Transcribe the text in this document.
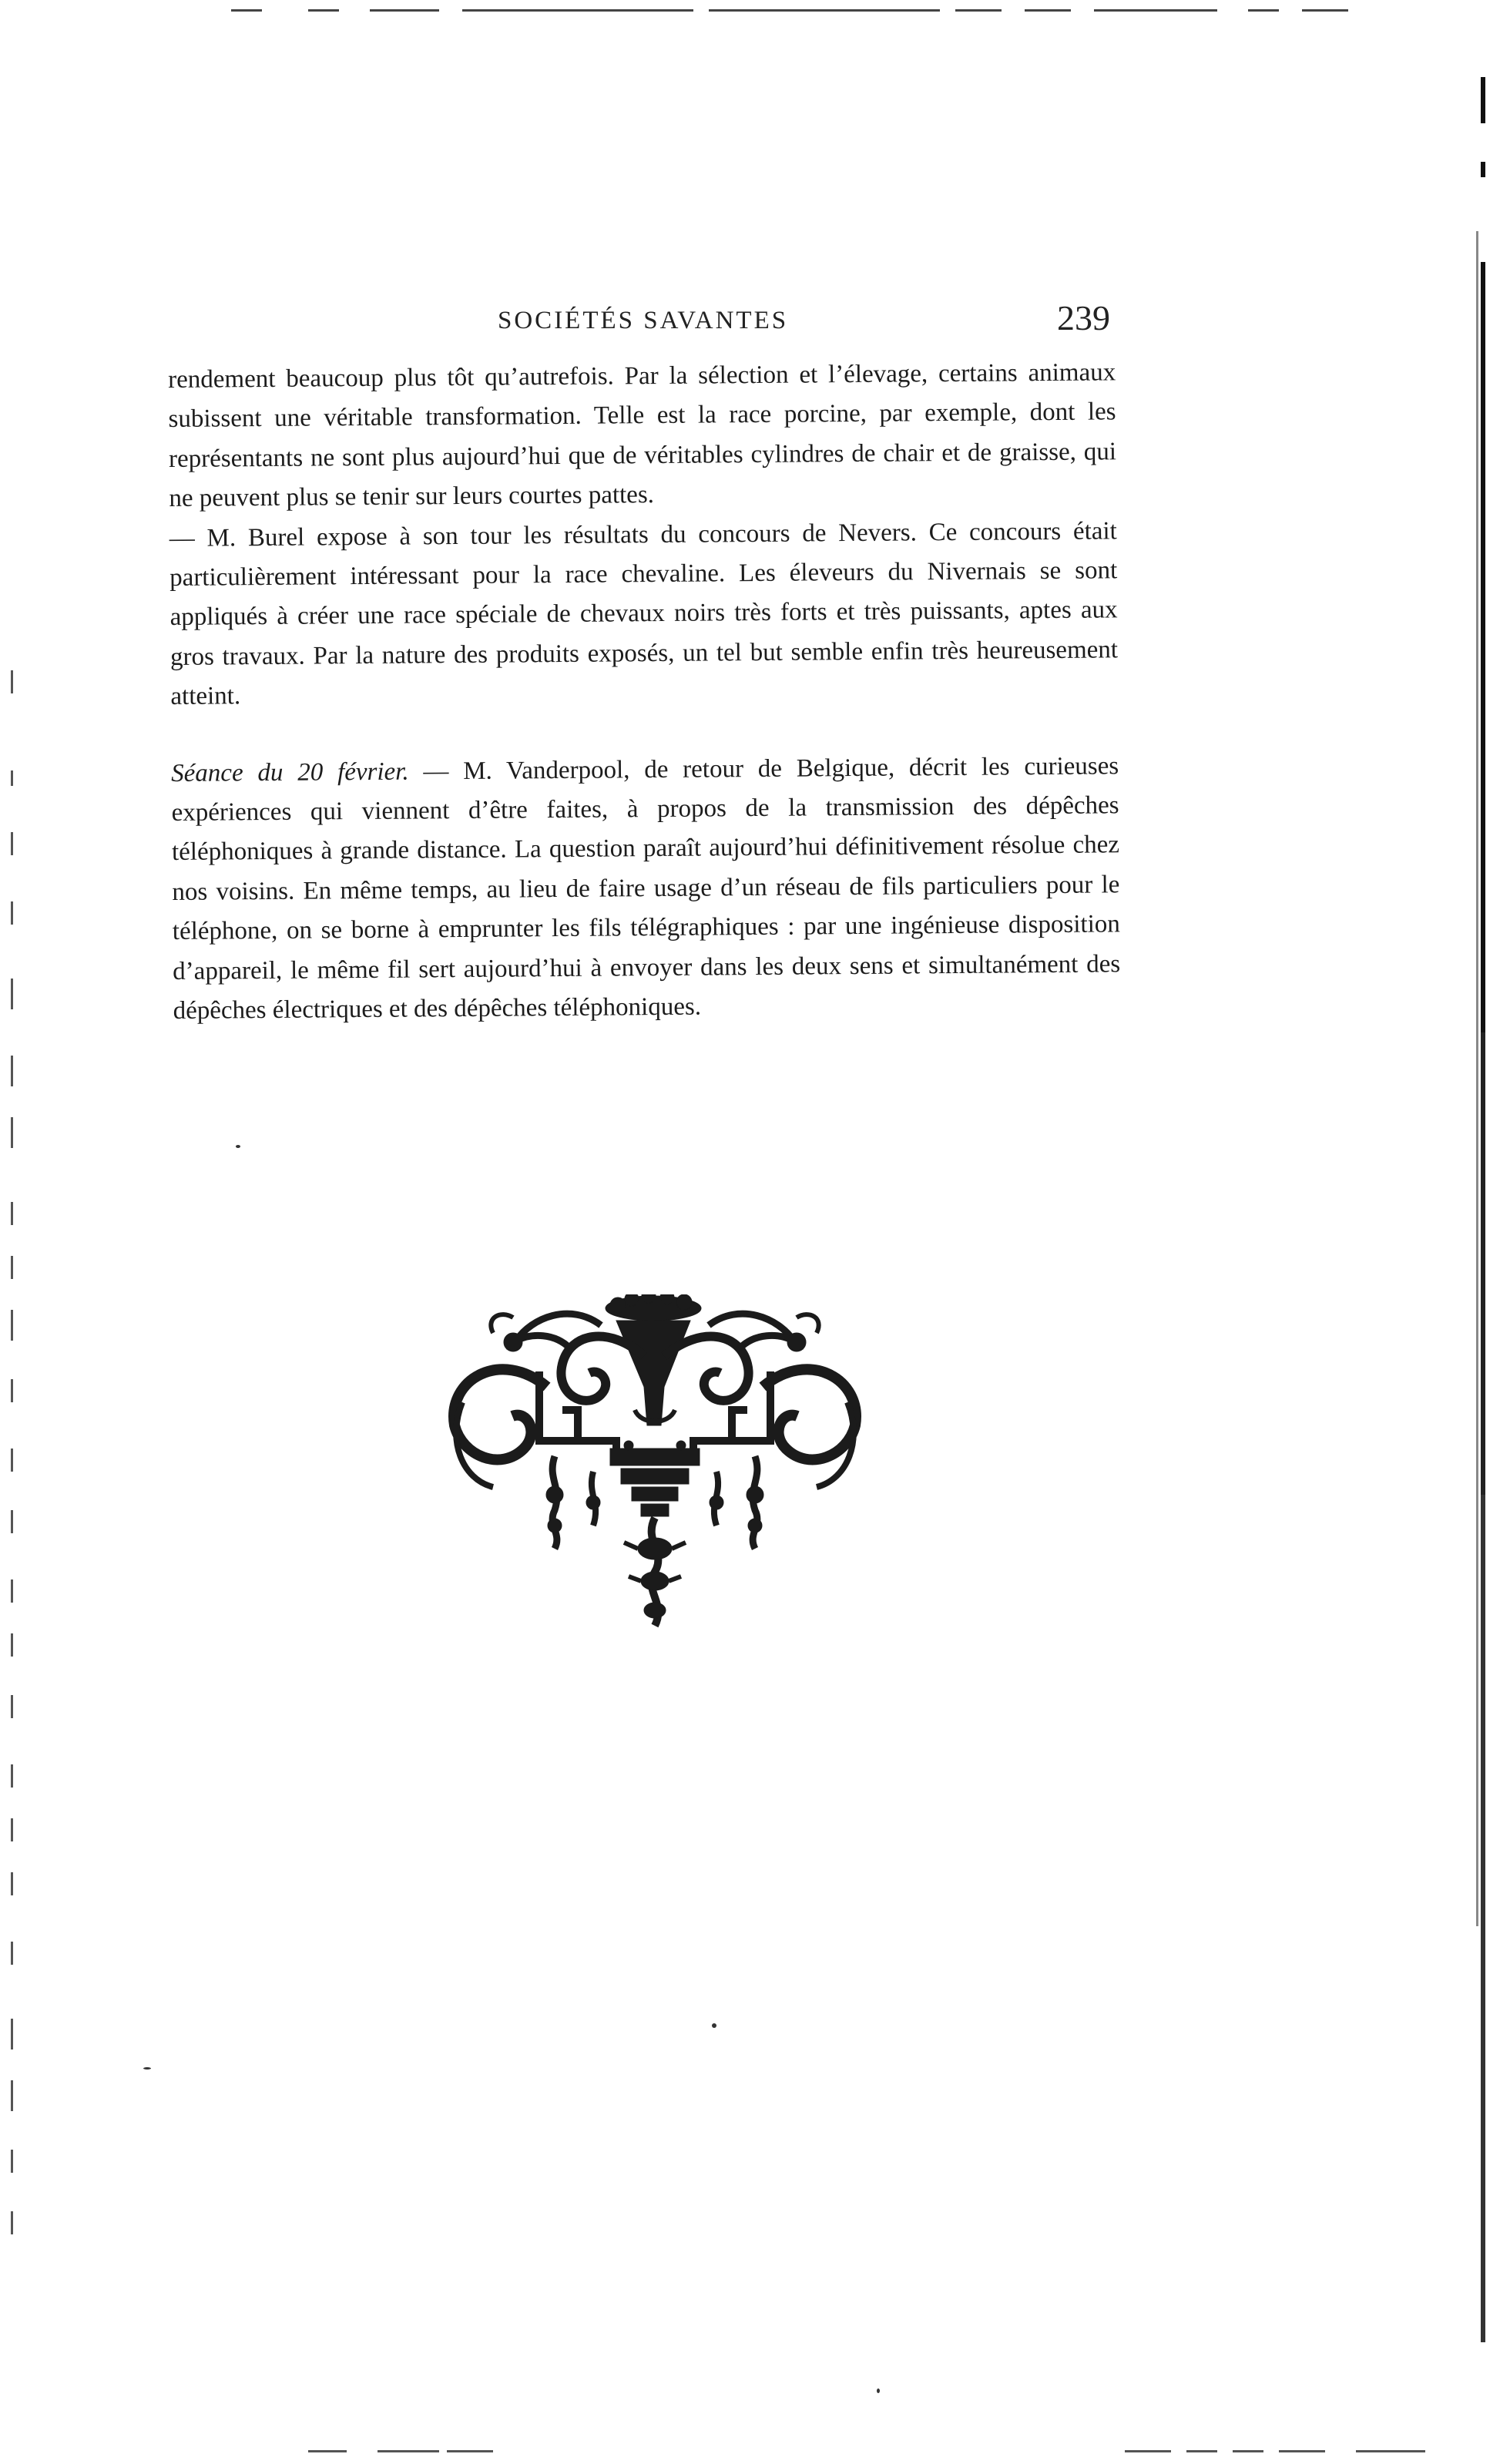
SOCIÉTÉS SAVANTES	239

rendement beaucoup plus tôt qu’autrefois. Par la sélection et l’élevage, certains animaux subissent une véritable transformation. Telle est la race porcine, par exemple, dont les représentants ne sont plus aujourd’hui que de véritables cylindres de chair et de graisse, qui ne peuvent plus se tenir sur leurs courtes pattes.

— M. Burel expose à son tour les résultats du concours de Nevers. Ce concours était particulièrement intéressant pour la race chevaline. Les éleveurs du Nivernais se sont appliqués à créer une race spéciale de chevaux noirs très forts et très puissants, aptes aux gros travaux. Par la nature des produits exposés, un tel but semble enfin très heureusement atteint.

Séance du 20 février. — M. Vanderpool, de retour de Belgique, décrit les curieuses expériences qui viennent d’être faites, à propos de la transmission des dépêches téléphoniques à grande distance. La question paraît aujourd’hui définitivement résolue chez nos voisins. En même temps, au lieu de faire usage d’un réseau de fils particuliers pour le téléphone, on se borne à emprunter les fils télégraphiques : par une ingénieuse disposition d’appareil, le même fil sert aujourd’hui à envoyer dans les deux sens et simultanément des dépêches électriques et des dépêches téléphoniques.
